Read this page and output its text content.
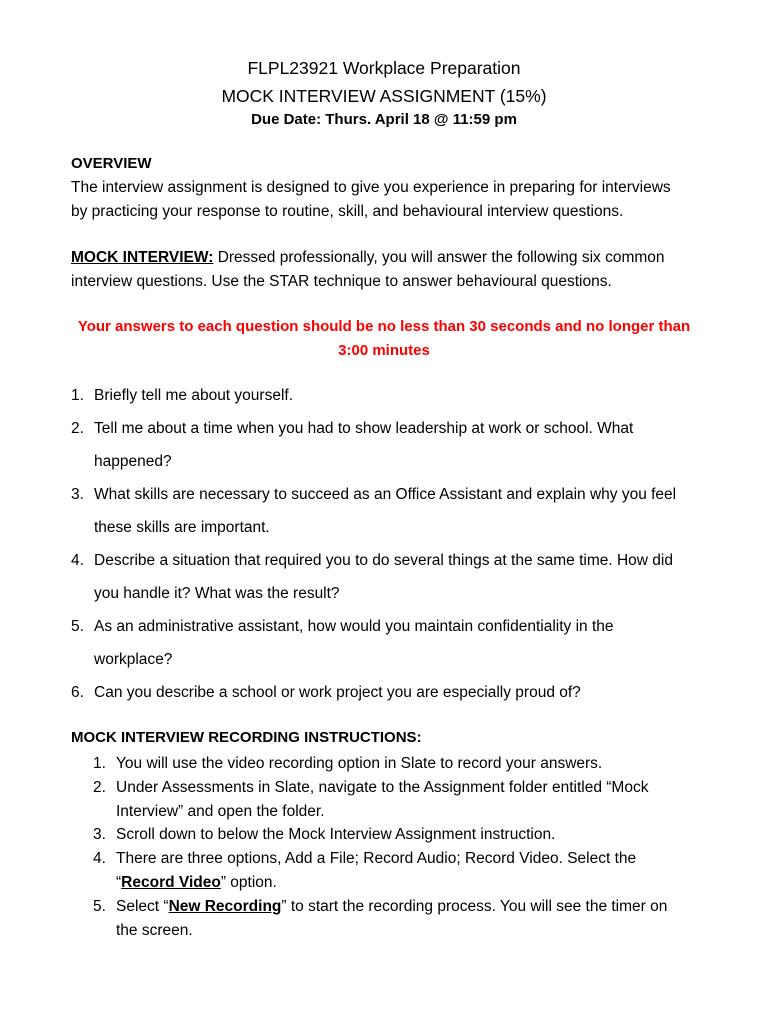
FLPL23921 Workplace Preparation
MOCK INTERVIEW ASSIGNMENT (15%)
Due Date: Thurs. April 18 @ 11:59 pm
OVERVIEW
The interview assignment is designed to give you experience in preparing for interviews
by practicing your response to routine, skill, and behavioural interview questions.
MOCK INTERVIEW: Dressed professionally, you will answer the following six common
interview questions. Use the STAR technique to answer behavioural questions.
Your answers to each question should be no less than 30 seconds and no longer than
3:00 minutes
1. Briefly tell me about yourself.
2. Tell me about a time when you had to show leadership at work or school. What
happened?
3. What skills are necessary to succeed as an Office Assistant and explain why you feel
these skills are important.
4. Describe a situation that required you to do several things at the same time. How did
you handle it? What was the result?
5. As an administrative assistant, how would you maintain confidentiality in the
workplace?
6. Can you describe a school or work project you are especially proud of?
MOCK INTERVIEW RECORDING INSTRUCTIONS:
1. You will use the video recording option in Slate to record your answers.
2. Under Assessments in Slate, navigate to the Assignment folder entitled “Mock
Interview” and open the folder.
3. Scroll down to below the Mock Interview Assignment instruction.
4. There are three options, Add a File; Record Audio; Record Video. Select the
“Record Video” option.
5. Select “New Recording” to start the recording process. You will see the timer on
the screen.
